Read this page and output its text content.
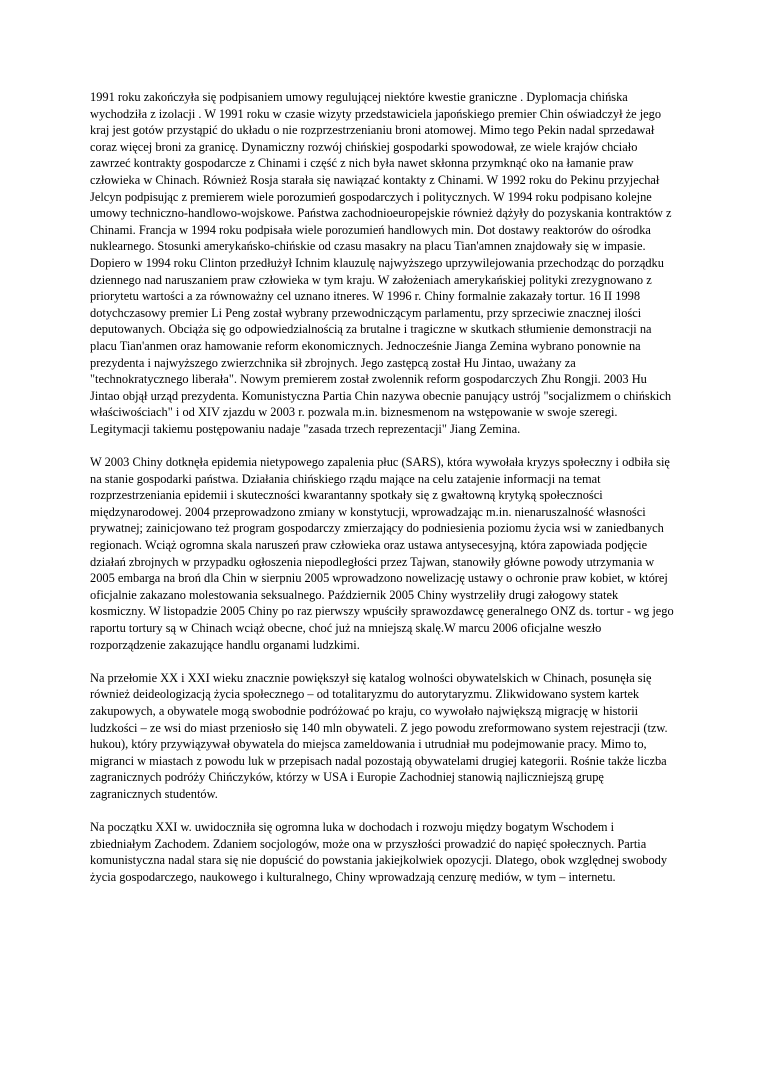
1991 roku zakończyła się podpisaniem umowy regulującej niektóre kwestie graniczne . Dyplomacja chińska wychodziła z izolacji . W 1991 roku w czasie wizyty przedstawiciela japońskiego premier Chin oświadczył że jego kraj jest gotów przystąpić do układu o nie rozprzestrzenianiu broni atomowej. Mimo tego Pekin nadal sprzedawał coraz więcej broni za granicę. Dynamiczny rozwój chińskiej gospodarki spowodował, ze wiele krajów chciało zawrzeć kontrakty gospodarcze z Chinami i część z nich była nawet skłonna przymknąć oko na łamanie praw człowieka w Chinach. Również Rosja starała się nawiązać kontakty z Chinami. W 1992 roku do Pekinu przyjechał Jelcyn podpisując z premierem wiele porozumień gospodarczych i politycznych. W 1994 roku podpisano kolejne umowy techniczno-handlowo-wojskowe. Państwa zachodnioeuropejskie również dążyły do pozyskania kontraktów z Chinami. Francja w 1994 roku podpisała wiele porozumień handlowych min. Dot dostawy reaktorów do ośrodka nuklearnego. Stosunki amerykańsko-chińskie od czasu masakry na placu Tian'amnen znajdowały się w impasie. Dopiero w 1994 roku Clinton przedłużył Ichnim klauzulę najwyższego uprzywilejowania przechodząc do porządku dziennego nad naruszaniem praw człowieka w tym kraju. W założeniach amerykańskiej polityki zrezygnowano z priorytetu wartości a za równoważny cel uznano itneres. W 1996 r. Chiny formalnie zakazały tortur. 16 II 1998 dotychczasowy premier Li Peng został wybrany przewodniczącym parlamentu, przy sprzeciwie znacznej ilości deputowanych. Obciąża się go odpowiedzialnością za brutalne i tragiczne w skutkach stłumienie demonstracji na placu Tian'anmen oraz hamowanie reform ekonomicznych. Jednocześnie Jianga Zemina wybrano ponownie na prezydenta i najwyższego zwierzchnika sił zbrojnych. Jego zastępcą został Hu Jintao, uważany za "technokratycznego liberała". Nowym premierem został zwolennik reform gospodarczych Zhu Rongji. 2003 Hu Jintao objął urząd prezydenta. Komunistyczna Partia Chin nazywa obecnie panujący ustrój "socjalizmem o chińskich właściwościach" i od XIV zjazdu w 2003 r. pozwala m.in. biznesmenom na wstępowanie w swoje szeregi. Legitymacji takiemu postępowaniu nadaje "zasada trzech reprezentacji" Jiang Zemina.

W 2003 Chiny dotknęła epidemia nietypowego zapalenia płuc (SARS), która wywołała kryzys społeczny i odbiła się na stanie gospodarki państwa. Działania chińskiego rządu mające na celu zatajenie informacji na temat rozprzestrzeniania epidemii i skuteczności kwarantanny spotkały się z gwałtowną krytyką społeczności międzynarodowej. 2004 przeprowadzono zmiany w konstytucji, wprowadzając m.in. nienaruszalność własności prywatnej; zainicjowano też program gospodarczy zmierzający do podniesienia poziomu życia wsi w zaniedbanych regionach. Wciąż ogromna skala naruszeń praw człowieka oraz ustawa antysecesyjną, która zapowiada podjęcie działań zbrojnych w przypadku ogłoszenia niepodległości przez Tajwan, stanowiły główne powody utrzymania w 2005 embarga na broń dla Chin w sierpniu 2005 wprowadzono nowelizację ustawy o ochronie praw kobiet, w której oficjalnie zakazano molestowania seksualnego. Październik 2005 Chiny wystrzeliły drugi załogowy statek kosmiczny. W listopadzie 2005 Chiny po raz pierwszy wpuściły sprawozdawcę generalnego ONZ ds. tortur - wg jego raportu tortury są w Chinach wciąż obecne, choć już na mniejszą skalę.W marcu 2006 oficjalne weszło rozporządzenie zakazujące handlu organami ludzkimi.

Na przełomie XX i XXI wieku znacznie powiększył się katalog wolności obywatelskich w Chinach, posunęła się również deideologizacją życia społecznego – od totalitaryzmu do autorytaryzmu. Zlikwidowano system kartek zakupowych, a obywatele mogą swobodnie podróżować po kraju, co wywołało największą migrację w historii ludzkości – ze wsi do miast przeniosło się 140 mln obywateli. Z jego powodu zreformowano system rejestracji (tzw. hukou), który przywiązywał obywatela do miejsca zameldowania i utrudniał mu podejmowanie pracy. Mimo to, migranci w miastach z powodu luk w przepisach nadal pozostają obywatelami drugiej kategorii. Rośnie także liczba zagranicznych podróży Chińczyków, którzy w USA i Europie Zachodniej stanowią najliczniejszą grupę zagranicznych studentów.

Na początku XXI w. uwidoczniła się ogromna luka w dochodach i rozwoju między bogatym Wschodem i zbiedniałym Zachodem. Zdaniem socjologów, może ona w przyszłości prowadzić do napięć społecznych. Partia komunistyczna nadal stara się nie dopuścić do powstania jakiejkolwiek opozycji. Dlatego, obok względnej swobody życia gospodarczego, naukowego i kulturalnego, Chiny wprowadzają cenzurę mediów, w tym – internetu.
